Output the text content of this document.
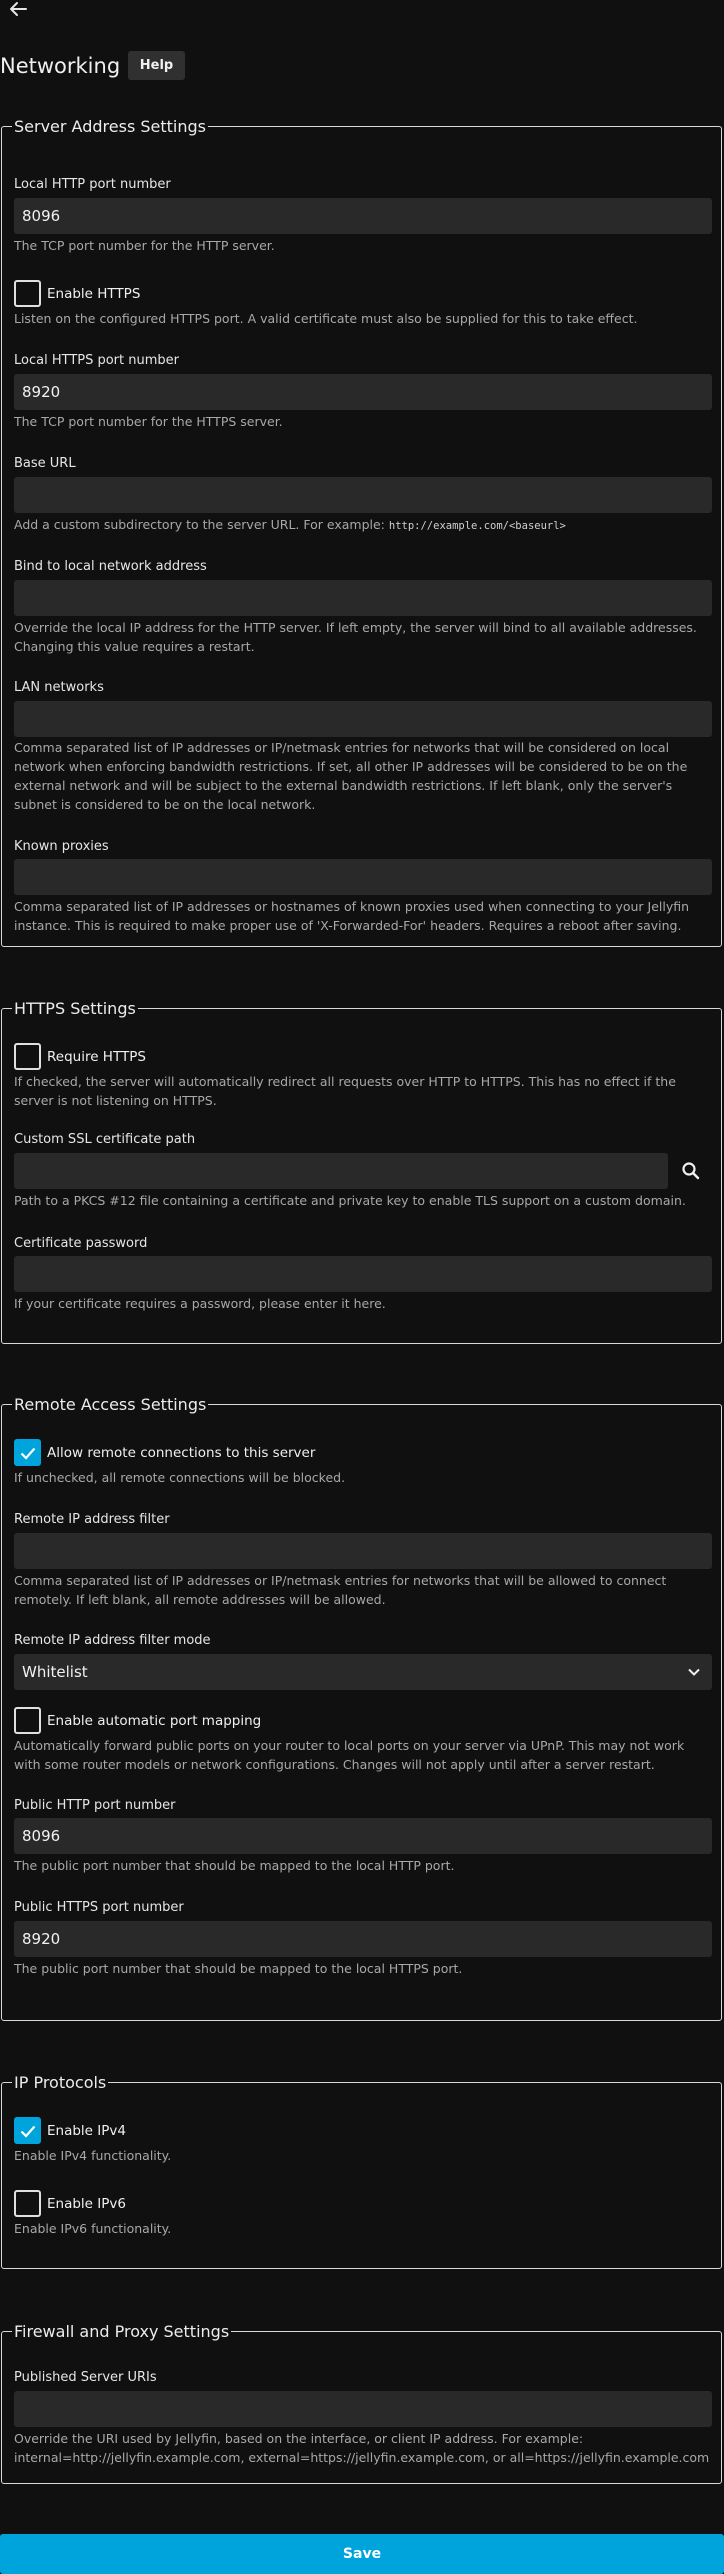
Networking	Help
Server Address Settings
Local HTTP port number
8096
The TCP port number for the HTTP server.
Enable HTTPS
Listen on the configured HTTPS port. A valid certificate must also be supplied for this to take effect.
Local HTTPS port number
8920
The TCP port number for the HTTPS server.
Base URL
Add a custom subdirectory to the server URL. For example: http://example.com/<baseurl>
Bind to local network address
Override the local IP address for the HTTP server. If left empty, the server will bind to all available addresses. Changing this value requires a restart.
LAN networks
Comma separated list of IP addresses or IP/netmask entries for networks that will be considered on local network when enforcing bandwidth restrictions. If set, all other IP addresses will be considered to be on the external network and will be subject to the external bandwidth restrictions. If left blank, only the server's subnet is considered to be on the local network.
Known proxies
Comma separated list of IP addresses or hostnames of known proxies used when connecting to your Jellyfin instance. This is required to make proper use of 'X-Forwarded-For' headers. Requires a reboot after saving.
HTTPS Settings
Require HTTPS
If checked, the server will automatically redirect all requests over HTTP to HTTPS. This has no effect if the server is not listening on HTTPS.
Custom SSL certificate path
Path to a PKCS #12 file containing a certificate and private key to enable TLS support on a custom domain.
Certificate password
If your certificate requires a password, please enter it here.
Remote Access Settings
Allow remote connections to this server
If unchecked, all remote connections will be blocked.
Remote IP address filter
Comma separated list of IP addresses or IP/netmask entries for networks that will be allowed to connect remotely. If left blank, all remote addresses will be allowed.
Remote IP address filter mode
Whitelist
Enable automatic port mapping
Automatically forward public ports on your router to local ports on your server via UPnP. This may not work with some router models or network configurations. Changes will not apply until after a server restart.
Public HTTP port number
8096
The public port number that should be mapped to the local HTTP port.
Public HTTPS port number
8920
The public port number that should be mapped to the local HTTPS port.
IP Protocols
Enable IPv4
Enable IPv4 functionality.
Enable IPv6
Enable IPv6 functionality.
Firewall and Proxy Settings
Published Server URIs
Override the URI used by Jellyfin, based on the interface, or client IP address. For example: internal=http://jellyfin.example.com, external=https://jellyfin.example.com, or all=https://jellyfin.example.com
Save
